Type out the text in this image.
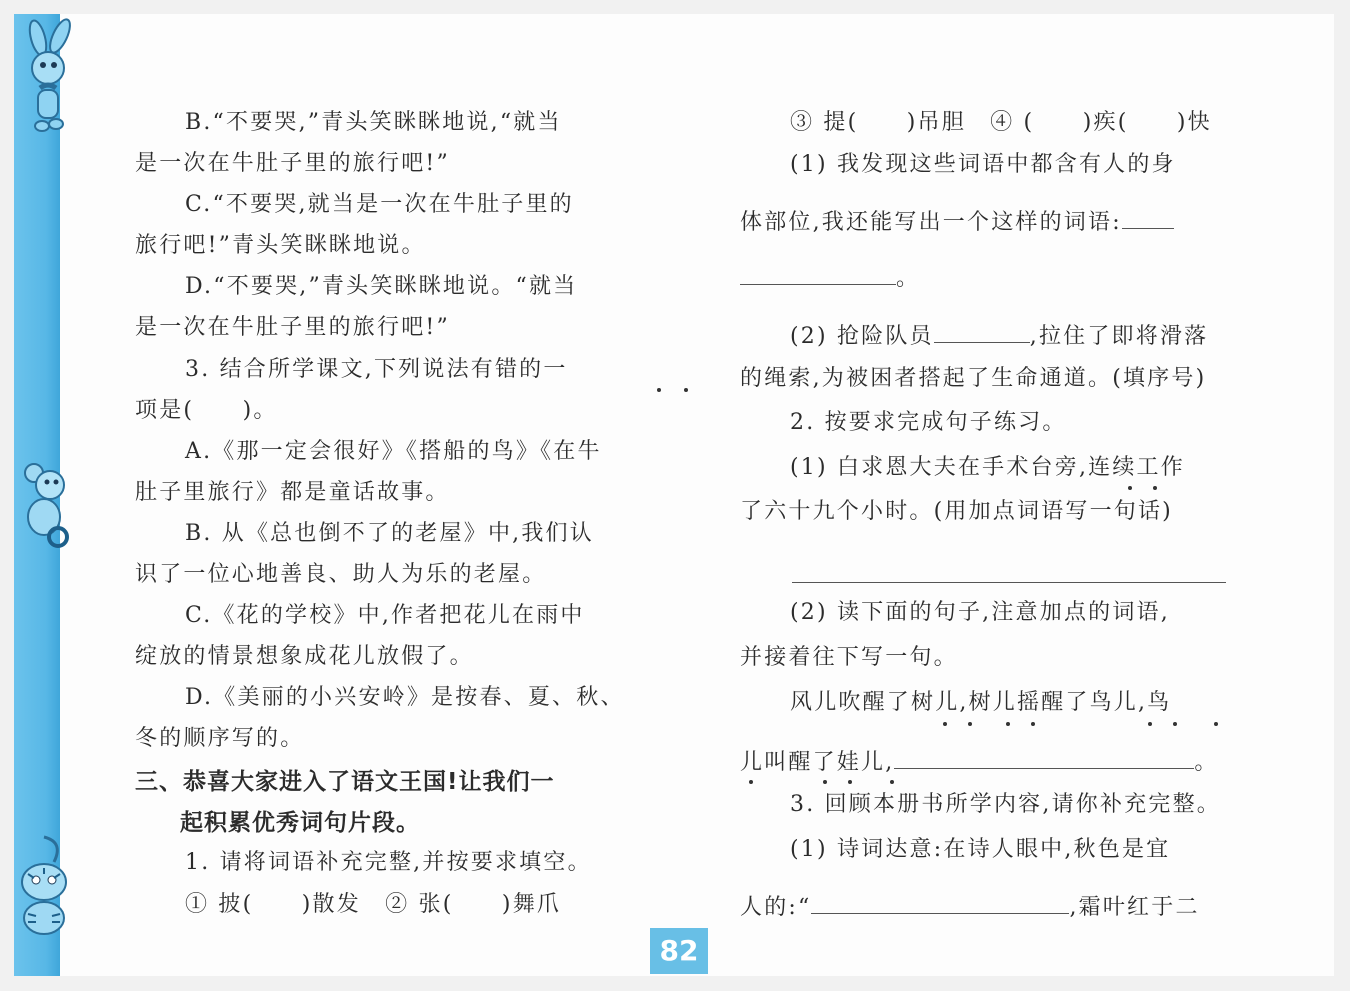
B.“不要哭,”青头笑眯眯地说,“就当
是一次在牛肚子里的旅行吧!”
C.“不要哭,就当是一次在牛肚子里的
旅行吧!”青头笑眯眯地说。
D.“不要哭,”青头笑眯眯地说。“就当
是一次在牛肚子里的旅行吧!”
3. 结合所学课文,下列说法有错的一
项是(　　)。
A.《那一定会很好》《搭船的鸟》《在牛
肚子里旅行》都是童话故事。
B. 从《总也倒不了的老屋》中,我们认
识了一位心地善良、助人为乐的老屋。
C.《花的学校》中,作者把花儿在雨中
绽放的情景想象成花儿放假了。
D.《美丽的小兴安岭》是按春、夏、秋、
冬的顺序写的。
三、恭喜大家进入了语文王国!让我们一
起积累优秀词句片段。
1. 请将词语补充完整,并按要求填空。
① 披(　　)散发　② 张(　　)舞爪
③ 提(　　)吊胆　④ (　　)疾(　　)快
(1) 我发现这些词语中都含有人的身
体部位,我还能写出一个这样的词语:
。
(2) 抢险队员	,拉住了即将滑落
的绳索,为被困者搭起了生命通道。(填序号)
2. 按要求完成句子练习。
(1) 白求恩大夫在手术台旁,连续工作
了六十九个小时。(用加点词语写一句话)
(2) 读下面的句子,注意加点的词语,
并接着往下写一句。
风儿吹醒了树儿,树儿摇醒了鸟儿,鸟
儿叫醒了娃儿,	。
3. 回顾本册书所学内容,请你补充完整。
(1) 诗词达意:在诗人眼中,秋色是宜
人的:“	,霜叶红于二
82
